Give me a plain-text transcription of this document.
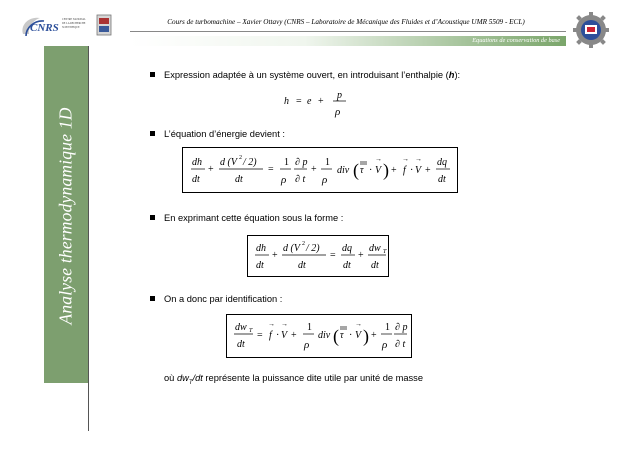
CNRS
CENTRE NATIONAL
DE LA RECHERCHE
SCIENTIFIQUE
Cours de turbomachine – Xavier Ottavy (CNRS – Laboratoire de Mécanique des Fluides et d’Acoustique UMR 5509 - ECL)
Equations de conservation de base
Analyse thermodynamique 1D
Expression adaptée à un système ouvert, en introduisant l’enthalpie (h):
h = e +
p
ρ
L’équation d’énergie devient :
dh
dt
+
d (V 2 / 2)
dt
=
1
ρ
∂ p
∂ t
+
1
ρ
div ( τ ·
→
V ) +
→
f ·
→
V +
dq
dt
En exprimant cette équation sous la forme :
dh
dt
+
d (V 2 / 2)
dt
=
dq
dt
+
dw T
dt
On a donc par identification :
dw T
dt
=
→
f ·
→
V +
1
ρ
div ( τ ·
→
V ) +
1
ρ
∂ p
∂ t
où $dw_T/dt$ représente la puissance dite utile par unité de masse
